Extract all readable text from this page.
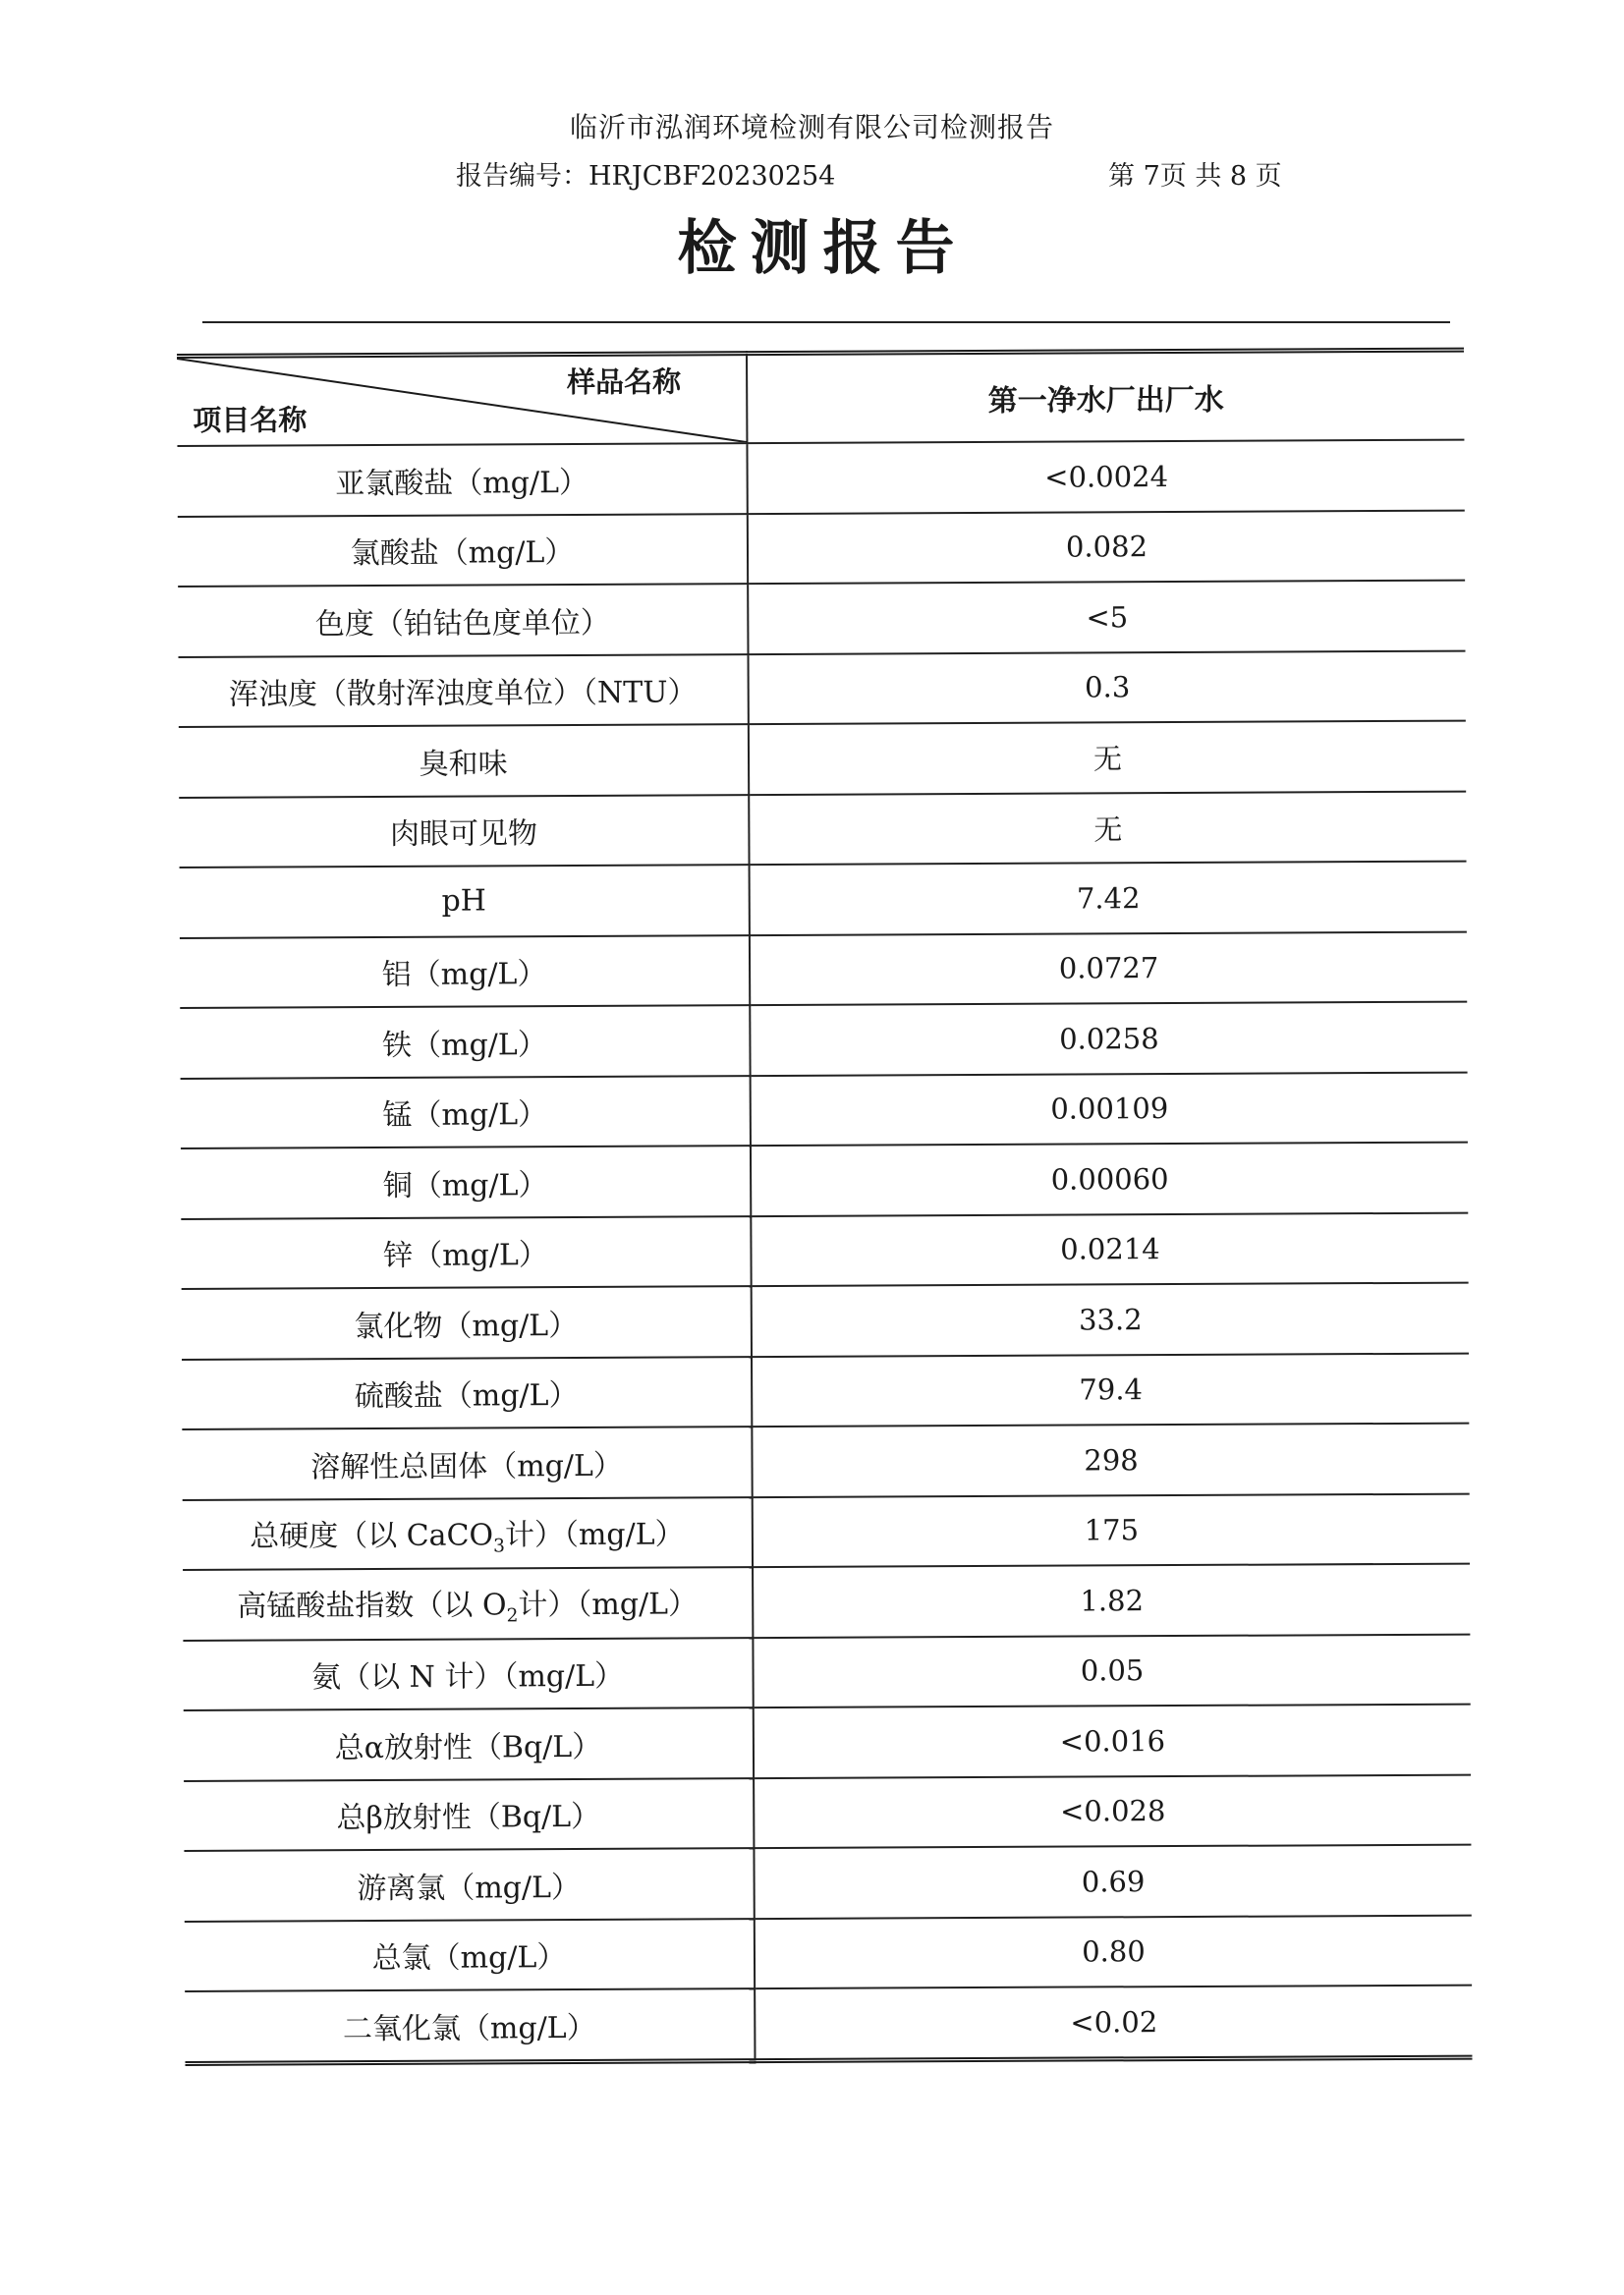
临沂市泓润环境检测有限公司检测报告
报告编号：HRJCBF20230254	第 7页 共 8 页
检测报告
样品名称
项目名称	第一净水厂出厂水
亚氯酸盐（mg/L）	<0.0024
氯酸盐（mg/L）	0.082
色度（铂钴色度单位）	<5
浑浊度（散射浑浊度单位）（NTU）	0.3
臭和味	无
肉眼可见物	无
pH	7.42
铝（mg/L）	0.0727
铁（mg/L）	0.0258
锰（mg/L）	0.00109
铜（mg/L）	0.00060
锌（mg/L）	0.0214
氯化物（mg/L）	33.2
硫酸盐（mg/L）	79.4
溶解性总固体（mg/L）	298
总硬度（以 CaCO$_3$计）（mg/L）	175
高锰酸盐指数（以 $O_2$计）（mg/L）	1.82
氨（以 N 计）（mg/L）	0.05
总α放射性（Bq/L）	<0.016
总β放射性（Bq/L）	<0.028
游离氯（mg/L）	0.69
总氯（mg/L）	0.80
二氧化氯（mg/L）	<0.02
